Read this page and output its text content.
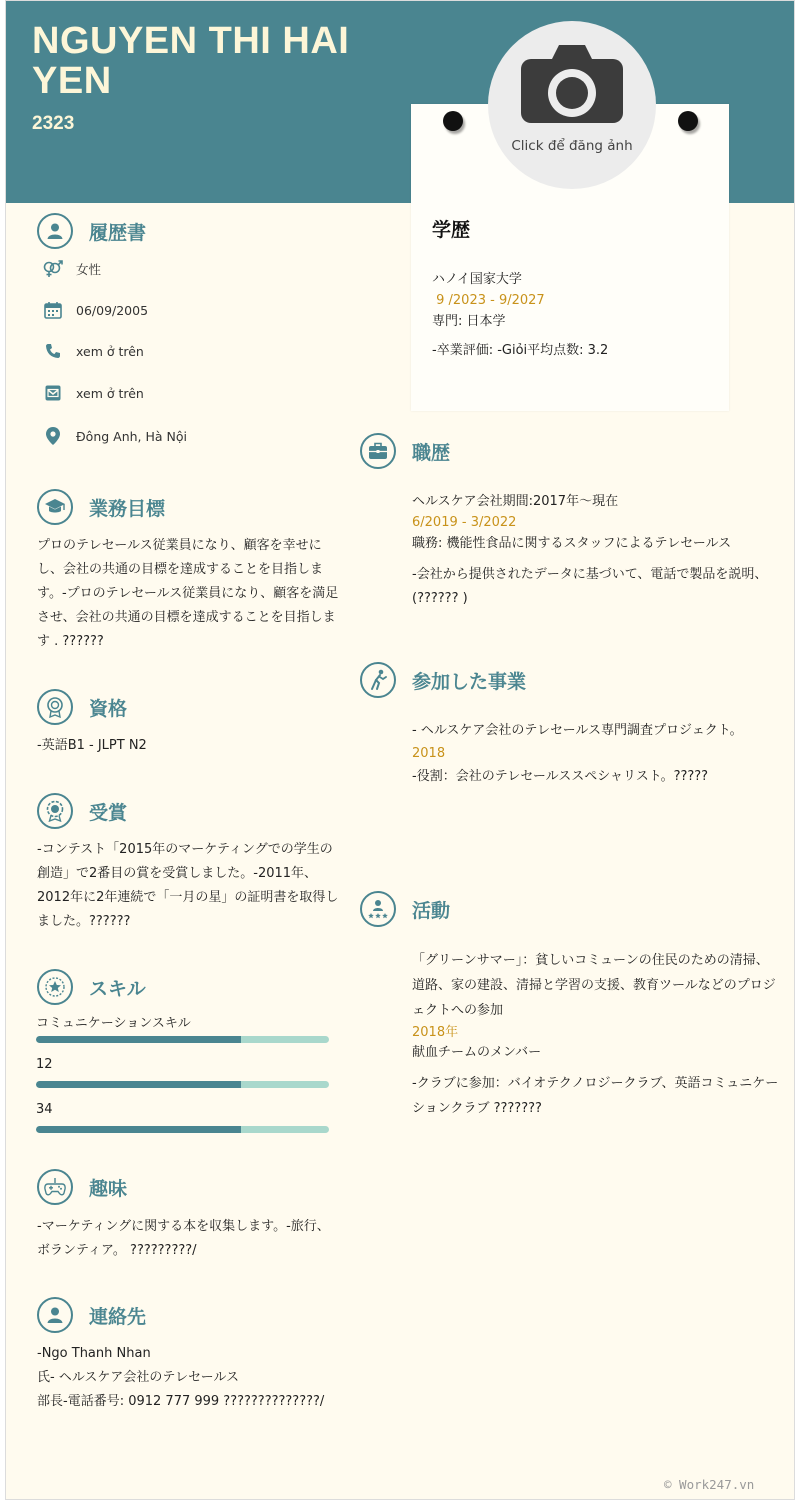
NGUYEN THI HAI YEN
2323
Click để đăng ảnh
学歴
ハノイ国家大学
9 /2023 - 9/2027
専門: 日本学
-卒業評価: -Giỏi平均点数: 3.2
履歴書
女性
06/09/2005
xem ở trên
xem ở trên
Đông Anh, Hà Nội
業務目標
プロのテレセールス従業員になり、顧客を幸せにし、会社の共通の目標を達成することを目指します。-プロのテレセールス従業員になり、顧客を満足させ、会社の共通の目標を達成することを目指します . ??????
資格
-英語B1 - JLPT N2
受賞
-コンテスト「2015年のマーケティングでの学生の創造」で2番目の賞を受賞しました。-2011年、2012年に2年連続で「一月の星」の証明書を取得しました。??????
スキル
コミュニケーションスキル
12
34
趣味
-マーケティングに関する本を収集します。-旅行、ボランティア。 ?????????/
連絡先
-Ngo Thanh Nhan
氏- ヘルスケア会社のテレセールス
部長-電話番号: 0912 777 999 ??????????????/
職歴
ヘルスケア会社期間:2017年～現在
6/2019 - 3/2022
職務: 機能性食品に関するスタッフによるテレセールス
-会社から提供されたデータに基づいて、電話で製品を説明、(?????? )
参加した事業
- ヘルスケア会社のテレセールス専門調査プロジェクト。
2018
-役割：会社のテレセールススペシャリスト。?????
活動
「グリーンサマー」：貧しいコミューンの住民のための清掃、道路、家の建設、清掃と学習の支援、教育ツールなどのプロジェクトへの参加
2018年
献血チームのメンバー
-クラブに参加：バイオテクノロジークラブ、英語コミュニケーションクラブ ???????
© Work247.vn
